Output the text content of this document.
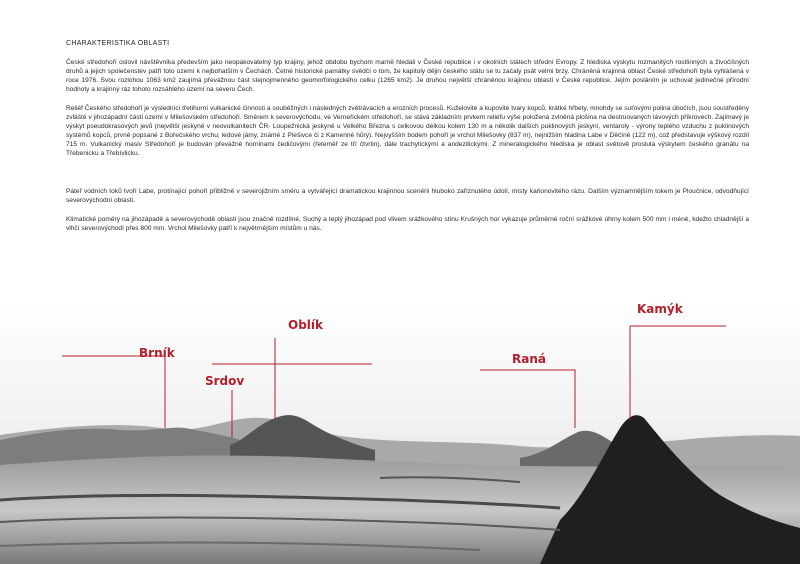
CHARAKTERISTIKA OBLASTI
České středohoří oslovil návštěvníka především jako neopakovatelný typ krajiny, jehož obdobu bychom marně hledali v České republice i v okolních státech střední Evropy. Z hlediska výskytu rozmanitých rostlinných a živočišných druhů a jejich společenstev patří toto území k nejbohatším v Čechách. Četné historické památky svědčí o tom, že kapitoly dějin českého státu se tu začaly psát velmi brzy. Chráněná krajinná oblast České středohoří byla vyhlášena v roce 1976. Svou rozlohou 1063 km2 zaujímá převážnou část stejnojmenného geomorfologického celku (1265 km2). Je druhou největší chráněnou krajinou oblastí v České republice. Jejím posláním je uchovat jedinečné přírodní hodnoty a krajinný ráz tohoto rozsáhlého území na severu Čech.
Reliéf Českého středohoří je výsledníci třetihorní vulkanické činnosti a souběžných i následných zvětrávacích a erozních procesů. Kuželovité a kupovité tvary kopců, krátké hřbety, mnohdy se suťovými polina úbočích, jsou soustředěny zvláště v jihozápadní části území v Milešovském středohoří. Směrem k severovýchodu, ve Verneřickém středohoří, se stává základním prvkem reliéfu výše položená zvlněná plošina na destruovaných lávových příkrovech. Zajímavý je výskyt pseudokrasových jevů (největší jeskyně v neovulkanitech ČR- Loupežnická jeskyně u Velkého Března s celkovou délkou kolem 130 m a několik dalších puklinových jeskyní, ventaroly - výrony teplého vzduchu z puklinových systémů kopců, prvně popsané z Bořečského vrchu; ledové jámy, známé z Plešivce či z Kamenné hůry). Nejvyšším bodem pohoří je vrchol Milešovky (837 m), nejnižším hladina Labe v Děčíně (122 m), což představuje výškový rozdíl 715 m. Vulkanický masiv Středohoří je budován převážně horninami čedičovými (řeteměř ze tří čtvrtin), dále trachytickými a andezitickými. Z mineralogického hlediska je oblast světově proslulá výskytem českého granátu na Třebenicku a Třebívlicku.
Páteř vodních toků tvoří Labe, protínající pohoří přibližně v severojižním směru a vytvářející dramatickou krajinnou scenérii hluboko zaříznutého údolí, místy kaňonovitého rázu. Dalším významnějším tokem je Ploučnice, odvodňující severovýchodní oblasti.
Klimatické poměry na jihozápadě a severovýchodě oblasti jsou značně rozdílné. Suchý a teplý jihozápad pod vlivem srážkového stínu Krušných hor vykazuje průměrné roční srážkové úhrny kolem 500 mm i méně, kdežto chladnější a vlhčí severovýchodí přes 800 mm. Vrchol Milešovky patří k největrnějším místům u nás.
Brník
Srdov
Oblík
Raná
Kamýk
